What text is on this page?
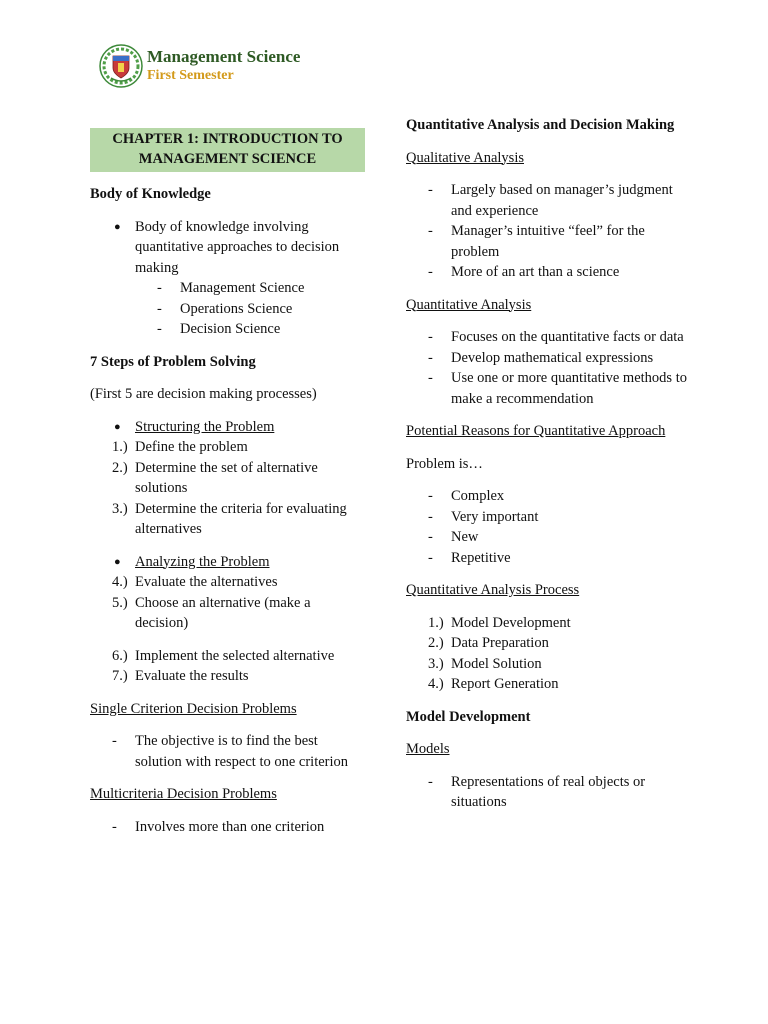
Management Science
First Semester
CHAPTER 1: INTRODUCTION TO MANAGEMENT SCIENCE
Body of Knowledge
● Body of knowledge involving quantitative approaches to decision making
- Management Science
- Operations Science
- Decision Science
7 Steps of Problem Solving
(First 5 are decision making processes)
● Structuring the Problem
1.) Define the problem
2.) Determine the set of alternative solutions
3.) Determine the criteria for evaluating alternatives
● Analyzing the Problem
4.) Evaluate the alternatives
5.) Choose an alternative (make a decision)
6.) Implement the selected alternative
7.) Evaluate the results
Single Criterion Decision Problems
- The objective is to find the best solution with respect to one criterion
Multicriteria Decision Problems
- Involves more than one criterion
Quantitative Analysis and Decision Making
Qualitative Analysis
- Largely based on manager’s judgment and experience
- Manager’s intuitive “feel” for the problem
- More of an art than a science
Quantitative Analysis
- Focuses on the quantitative facts or data
- Develop mathematical expressions
- Use one or more quantitative methods to make a recommendation
Potential Reasons for Quantitative Approach
Problem is…
- Complex
- Very important
- New
- Repetitive
Quantitative Analysis Process
1.) Model Development
2.) Data Preparation
3.) Model Solution
4.) Report Generation
Model Development
Models
- Representations of real objects or situations
